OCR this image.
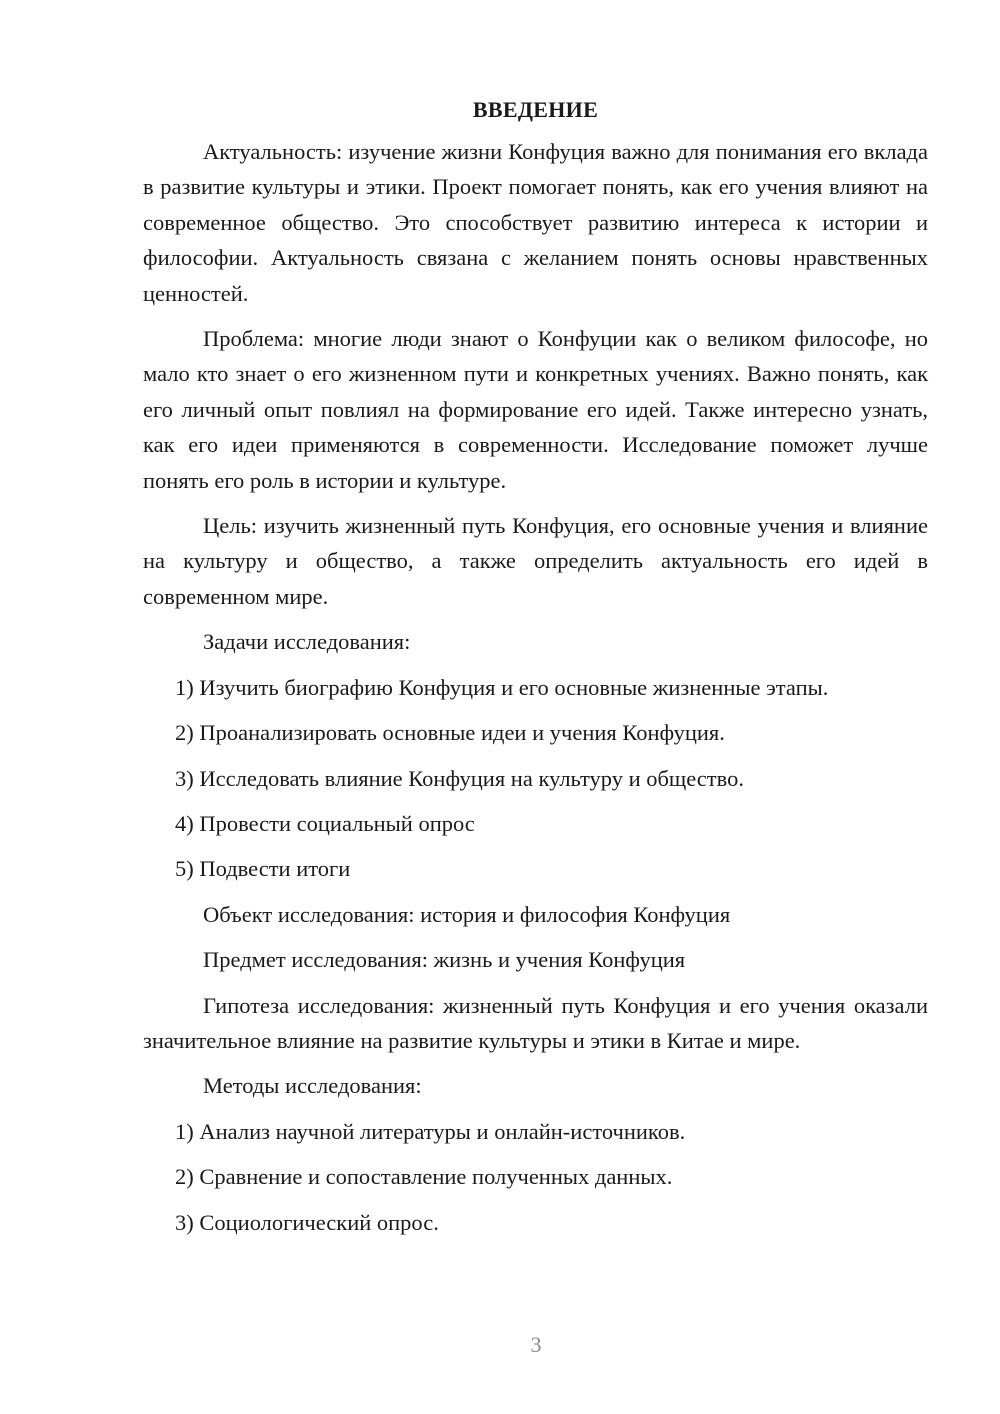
ВВЕДЕНИЕ

Актуальность: изучение жизни Конфуция важно для понимания его вклада в развитие культуры и этики. Проект помогает понять, как его учения влияют на современное общество. Это способствует развитию интереса к истории и философии. Актуальность связана с желанием понять основы нравственных ценностей.

Проблема: многие люди знают о Конфуции как о великом философе, но мало кто знает о его жизненном пути и конкретных учениях. Важно понять, как его личный опыт повлиял на формирование его идей. Также интересно узнать, как его идеи применяются в современности. Исследование поможет лучше понять его роль в истории и культуре.

Цель: изучить жизненный путь Конфуция, его основные учения и влияние на культуру и общество, а также определить актуальность его идей в современном мире.

Задачи исследования:
1) Изучить биографию Конфуция и его основные жизненные этапы.
2) Проанализировать основные идеи и учения Конфуция.
3) Исследовать влияние Конфуция на культуру и общество.
4) Провести социальный опрос
5) Подвести итоги
Объект исследования: история и философия Конфуция
Предмет исследования: жизнь и учения Конфуция

Гипотеза исследования: жизненный путь Конфуция и его учения оказали значительное влияние на развитие культуры и этики в Китае и мире.

Методы исследования:
1) Анализ научной литературы и онлайн-источников.
2) Сравнение и сопоставление полученных данных.
3) Социологический опрос.
3
